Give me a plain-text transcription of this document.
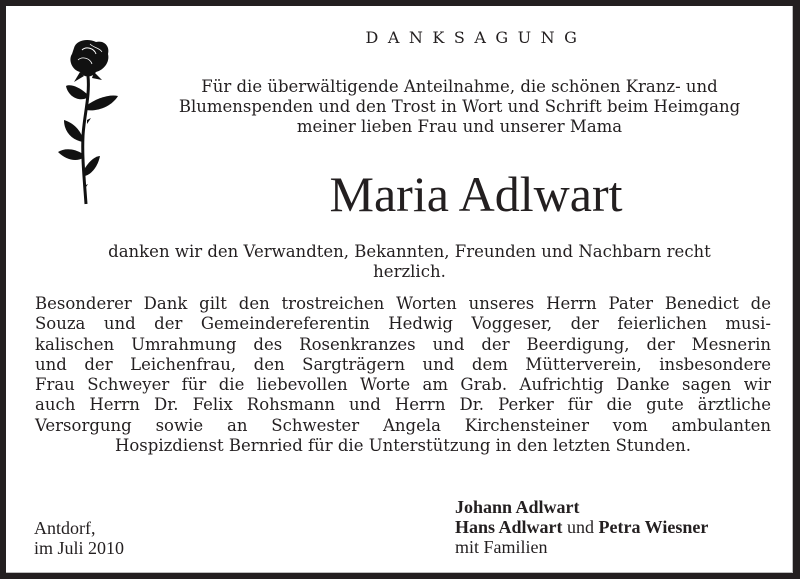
DANKSAGUNG
Für die überwältigende Anteilnahme, die schönen Kranz- und
Blumenspenden und den Trost in Wort und Schrift beim Heimgang
meiner lieben Frau und unserer Mama
Maria Adlwart
danken wir den Verwandten, Bekannten, Freunden und Nachbarn recht
herzlich.
Besonderer Dank gilt den trostreichen Worten unseres Herrn Pater Benedict de
Souza und der Gemeindereferentin Hedwig Voggeser, der feierlichen musi-
kalischen Umrahmung des Rosenkranzes und der Beerdigung, der Mesnerin
und der Leichenfrau, den Sargträgern und dem Mütterverein, insbesondere
Frau Schweyer für die liebevollen Worte am Grab. Aufrichtig Danke sagen wir
auch Herrn Dr. Felix Rohsmann und Herrn Dr. Perker für die gute ärztliche
Versorgung sowie an Schwester Angela Kirchensteiner vom ambulanten
Hospizdienst Bernried für die Unterstützung in den letzten Stunden.
Antdorf,
im Juli 2010
Johann Adlwart
Hans Adlwart und Petra Wiesner
mit Familien
